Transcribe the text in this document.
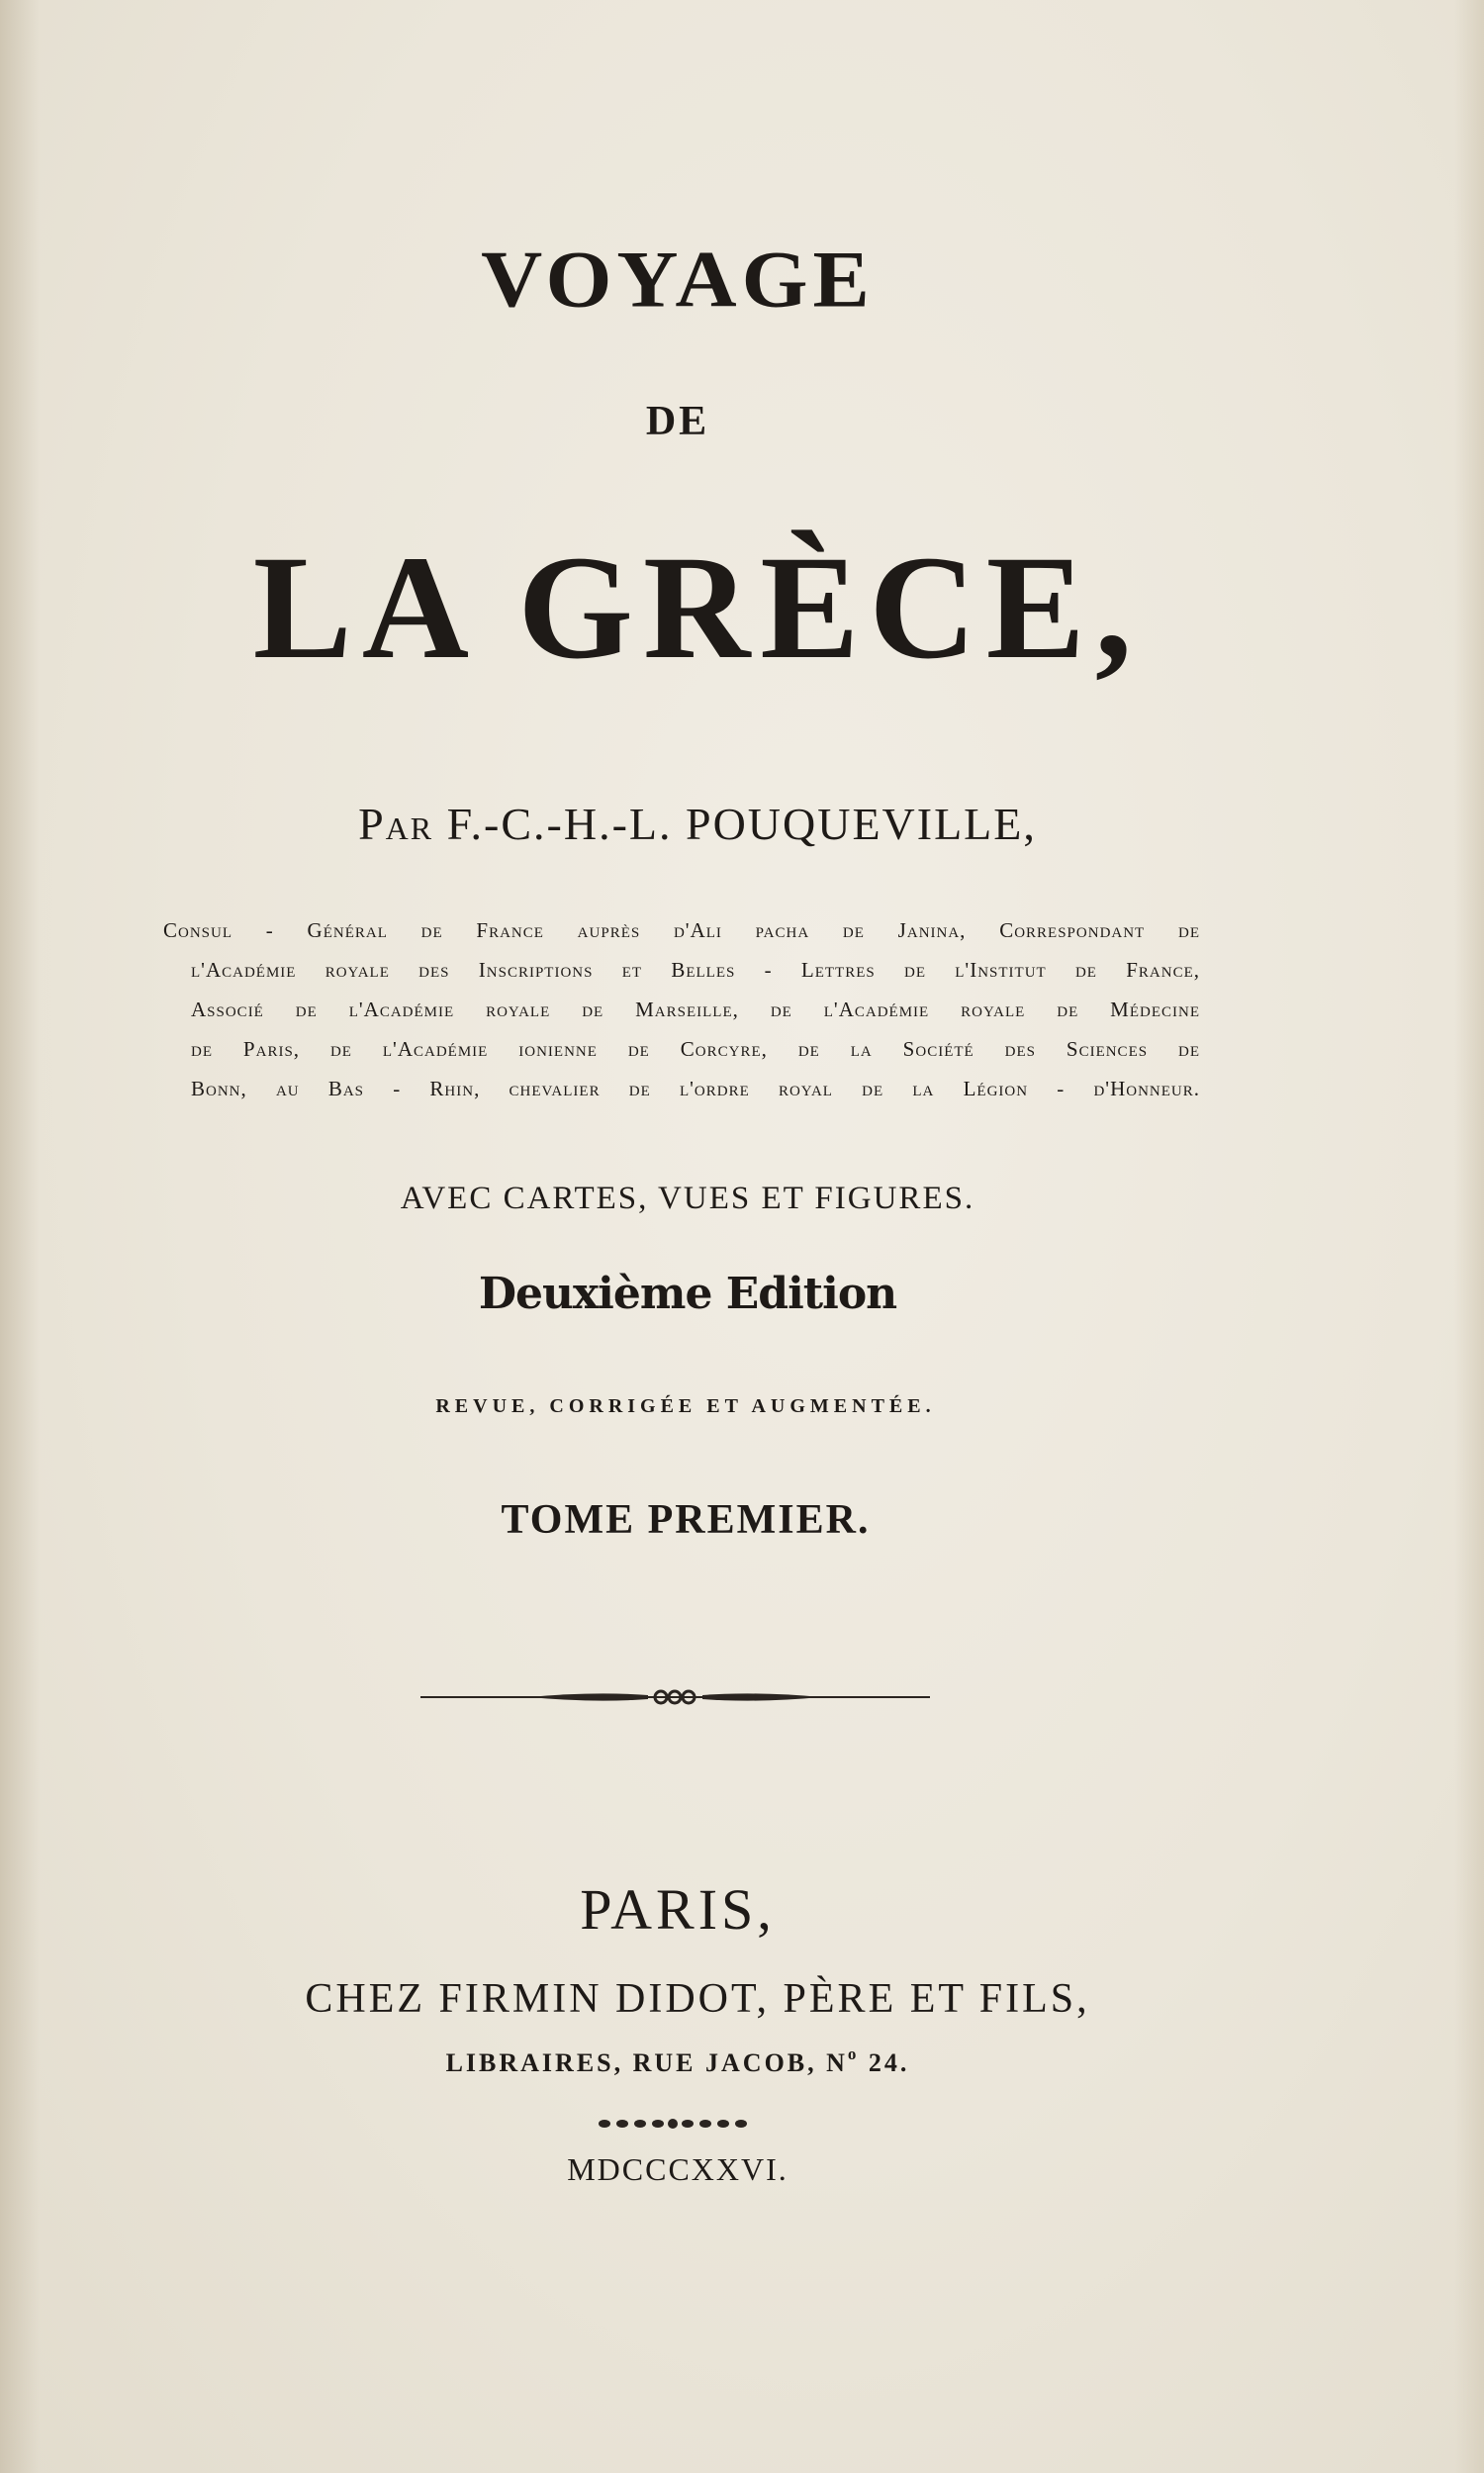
VOYAGE
DE
LA GRÈCE,
Par F.-C.-H.-L. POUQUEVILLE,
Consul - Général de France auprès d'Ali pacha de Janina, Correspondant de
l'Académie royale des Inscriptions et Belles - Lettres de l'Institut de France,
Associé de l'Académie royale de Marseille, de l'Académie royale de Médecine
de Paris, de l'Académie ionienne de Corcyre, de la Société des Sciences de
Bonn, au Bas - Rhin, chevalier de l'ordre royal de la Légion - d'Honneur.
AVEC CARTES, VUES ET FIGURES.
Deuxième Edition
REVUE, CORRIGÉE ET AUGMENTÉE.
TOME PREMIER.
PARIS,
CHEZ FIRMIN DIDOT, PÈRE ET FILS,
LIBRAIRES, RUE JACOB, $N^o$ 24.
MDCCCXXVI.
